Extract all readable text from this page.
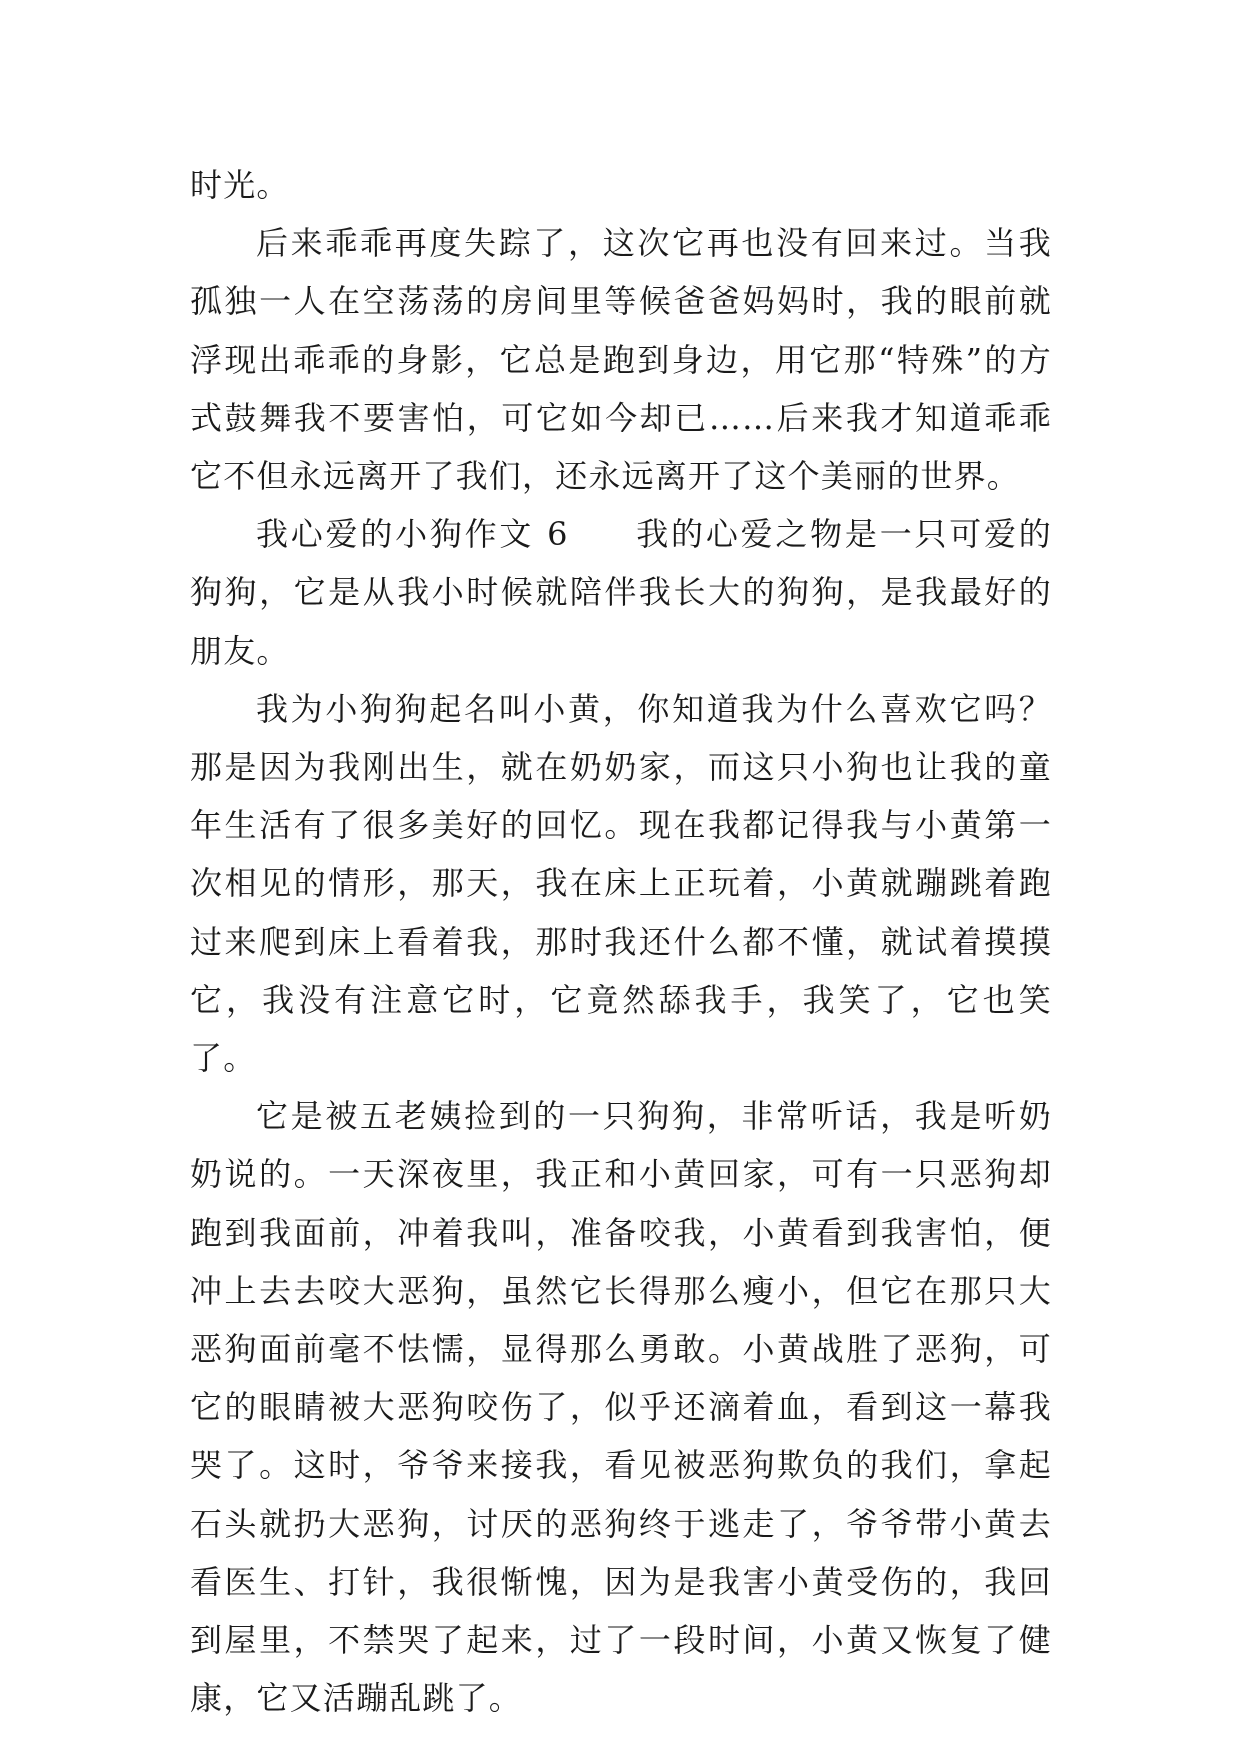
时光。

后来乖乖再度失踪了，这次它再也没有回来过。当我孤独一人在空荡荡的房间里等候爸爸妈妈时，我的眼前就浮现出乖乖的身影，它总是跑到身边，用它那“特殊”的方式鼓舞我不要害怕，可它如今却已……后来我才知道乖乖它不但永远离开了我们，还永远离开了这个美丽的世界。

我心爱的小狗作文 6 我的心爱之物是一只可爱的狗狗，它是从我小时候就陪伴我长大的狗狗，是我最好的朋友。

我为小狗狗起名叫小黄，你知道我为什么喜欢它吗？那是因为我刚出生，就在奶奶家，而这只小狗也让我的童年生活有了很多美好的回忆。现在我都记得我与小黄第一次相见的情形，那天，我在床上正玩着，小黄就蹦跳着跑过来爬到床上看着我，那时我还什么都不懂，就试着摸摸它，我没有注意它时，它竟然舔我手，我笑了，它也笑了。

它是被五老姨捡到的一只狗狗，非常听话，我是听奶奶说的。一天深夜里，我正和小黄回家，可有一只恶狗却跑到我面前，冲着我叫，准备咬我，小黄看到我害怕，便冲上去去咬大恶狗，虽然它长得那么瘦小，但它在那只大恶狗面前毫不怯懦，显得那么勇敢。小黄战胜了恶狗，可它的眼睛被大恶狗咬伤了，似乎还滴着血，看到这一幕我哭了。这时，爷爷来接我，看见被恶狗欺负的我们，拿起石头就扔大恶狗，讨厌的恶狗终于逃走了，爷爷带小黄去看医生、打针，我很惭愧，因为是我害小黄受伤的，我回到屋里，不禁哭了起来，过了一段时间，小黄又恢复了健康，它又活蹦乱跳了。
